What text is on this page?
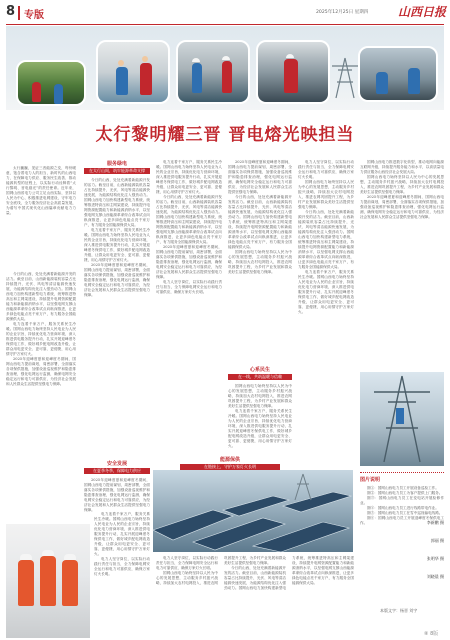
8 专版	2025年12月25日 星期四 山西日报
太行黎明耀三晋 晋电熔光映担当

太行巍巍，见证三晋能源之变，每份暖意，饱含着电力人的担当，新时代的山西电力，在保障电力供应、服务民生改善、推动能源转型的征程上，以实际行动诠释着“太行黎明、晋电熔光”的责任使命。近年来，国网山西省电力公司立足山西实际，坚持以人民为中心，积极推进电网建设，守牢电力安全底线，全力服务经济社会高质量发展，为谱写中国式现代化山西篇章贡献电力力量。

今日的山西，处处充满着新能源开发的活力。截至目前，山西新能源装机容量占比持续提升，光伏、风电等清洁能源快速发展，为能源结构优化注入强劲动力。国网山西电力加快构建新型电力系统，统筹推进特高压和主网架建设，持续提升电网资源配置能力和新能源消纳水平，以坚强电网支撑山西能源革命综合改革试点向纵深推进，让更多绿色电能点亮千家万户，有力服务全国能源保供大局。

电力连着千家万户，服务关系民生冷暖。国网山西电力始终坚持人民电业为人民的企业宗旨，持续优化电力营商环境，深入推进供电服务提升行动，扎实开展迎峰度冬保供电工作，做好城乡配电网改造升级，让群众用电更安全、更可靠、更便捷，用心用情守护万家灯火。

2025年迎峰度夏和迎峰度冬期间，国网山西电力提前谋划，周密部署，全面落实各项保供措施，加强设备巡视维护和隐患排查治理，强化电网运行监测，确保电网安全稳定运行和电力可靠供应，为经济社会发展和人民群众生活提供坚强电力保障。

服务绿电
在太行山间，筑牢能源革命支撑

今日的山西，处处充满着新能源开发的活力。截至目前，山西新能源装机容量占比持续提升，光伏、风电等清洁能源快速发展，为能源结构优化注入强劲动力。国网山西电力加快构建新型电力系统，统筹推进特高压和主网架建设，持续提升电网资源配置能力和新能源消纳水平，以坚强电网支撑山西能源革命综合改革试点向纵深推进，让更多绿色电能点亮千家万户，有力服务全国能源保供大局。

电力连着千家万户，服务关系民生冷暖。国网山西电力始终坚持人民电业为人民的企业宗旨，持续优化电力营商环境，深入推进供电服务提升行动，扎实开展迎峰度冬保供电工作，做好城乡配电网改造升级，让群众用电更安全、更可靠、更便捷，用心用情守护万家灯火。

2025年迎峰度夏和迎峰度冬期间，国网山西电力提前谋划，周密部署，全面落实各项保供措施，加强设备巡视维护和隐患排查治理，强化电网运行监测，确保电网安全稳定运行和电力可靠供应，为经济社会发展和人民群众生活提供坚强电力保障。

安全发展
在夏季冬季，保障电力供应

2025年迎峰度夏和迎峰度冬期间，国网山西电力提前谋划，周密部署，全面落实各项保供措施，加强设备巡视维护和隐患排查治理，强化电网运行监测，确保电网安全稳定运行和电力可靠供应，为经济社会发展和人民群众生活提供坚强电力保障。

电力连着千家万户，服务关系民生冷暖。国网山西电力始终坚持人民电业为人民的企业宗旨，持续优化电力营商环境，深入推进供电服务提升行动，扎实开展迎峰度冬保供电工作，做好城乡配电网改造升级，让群众用电更安全、更可靠、更便捷，用心用情守护万家灯火。

今日的山西，处处充满着新能源开发的活力。截至目前，山西新能源装机容量占比持续提升，光伏、风电等清洁能源快速发展，为能源结构优化注入强劲动力。国网山西电力加快构建新型电力系统，统筹推进特高压和主网架建设，持续提升电网资源配置能力和新能源消纳水平，以坚强电网支撑山西能源革命综合改革试点向纵深推进，让更多绿色电能点亮千家万户，有力服务全国能源保供大局。

2025年迎峰度夏和迎峰度冬期间，国网山西电力提前谋划，周密部署，全面落实各项保供措施，加强设备巡视维护和隐患排查治理，强化电网运行监测，确保电网安全稳定运行和电力可靠供应，为经济社会发展和人民群众生活提供坚强电力保障。

电力人坚守岗位，以实际行动践行责任与担当，全力保障电网安全运行和电力可靠供应，确保万家灯火长明。

2025年迎峰度夏和迎峰度冬期间，国网山西电力提前谋划，周密部署，全面落实各项保供措施，加强设备巡视维护和隐患排查治理，强化电网运行监测，确保电网安全稳定运行和电力可靠供应，为经济社会发展和人民群众生活提供坚强电力保障。

今日的山西，处处充满着新能源开发的活力。截至目前，山西新能源装机容量占比持续提升，光伏、风电等清洁能源快速发展，为能源结构优化注入强劲动力。国网山西电力加快构建新型电力系统，统筹推进特高压和主网架建设，持续提升电网资源配置能力和新能源消纳水平，以坚强电网支撑山西能源革命综合改革试点向纵深推进，让更多绿色电能点亮千家万户，有力服务全国能源保供大局。

国网山西电力始终坚持以人民为中心的发展思想，主动服务乡村振兴战略，持续加大农村电网投入，推进农网巩固提升工程，为乡村产业发展和群众美好生活提供坚强电力保障。

心系民生
在一线，共筑温暖与信赖

国网山西电力始终坚持以人民为中心的发展思想，主动服务乡村振兴战略，持续加大农村电网投入，推进农网巩固提升工程，为乡村产业发展和群众美好生活提供坚强电力保障。

电力连着千家万户，服务关系民生冷暖。国网山西电力始终坚持人民电业为人民的企业宗旨，持续优化电力营商环境，深入推进供电服务提升行动，扎实开展迎峰度冬保供电工作，做好城乡配电网改造升级，让群众用电更安全、更可靠、更便捷，用心用情守护万家灯火。

电力人坚守岗位，以实际行动践行责任与担当，全力保障电网安全运行和电力可靠供应，确保万家灯火长明。

国网山西电力始终坚持以人民为中心的发展思想，主动服务乡村振兴战略，持续加大农村电网投入，推进农网巩固提升工程，为乡村产业发展和群众美好生活提供坚强电力保障。

今日的山西，处处充满着新能源开发的活力。截至目前，山西新能源装机容量占比持续提升，光伏、风电等清洁能源快速发展，为能源结构优化注入强劲动力。国网山西电力加快构建新型电力系统，统筹推进特高压和主网架建设，持续提升电网资源配置能力和新能源消纳水平，以坚强电网支撑山西能源革命综合改革试点向纵深推进，让更多绿色电能点亮千家万户，有力服务全国能源保供大局。

电力连着千家万户，服务关系民生冷暖。国网山西电力始终坚持人民电业为人民的企业宗旨，持续优化电力营商环境，深入推进供电服务提升行动，扎实开展迎峰度冬保供电工作，做好城乡配电网改造升级，让群众用电更安全、更可靠、更便捷，用心用情守护万家灯火。

国网山西电力推进数字化转型，推动电网向能源互联网升级，持续提升服务能力和水平，以高质量电力供应服务山西经济社会发展大局。

国网山西电力始终坚持以人民为中心的发展思想，主动服务乡村振兴战略，持续加大农村电网投入，推进农网巩固提升工程，为乡村产业发展和群众美好生活提供坚强电力保障。

2025年迎峰度夏和迎峰度冬期间，国网山西电力提前谋划，周密部署，全面落实各项保供措施，加强设备巡视维护和隐患排查治理，强化电网运行监测，确保电网安全稳定运行和电力可靠供应，为经济社会发展和人民群众生活提供坚强电力保障。

能源保供
在链接上，守护万家灯火长明
图片说明

图①：国网山西电力员工开展设备巡检工作。

图②：国网山西电力员工为客户提供上门服务。

图③：国网山西电力员工在变电站开展检修作业。

图④：国网山西电力员工进行线路带电作业。

图⑤：国网山西电力员工在雪中巡视输电线路。

图⑥：国网山西电力员工开展迎峰度冬保供电工作。	李新鹏 摄
郭丽 摄
张明华 摄
刘晓晨 摄
本版文字：杨晋 刘宇

电力人坚守岗位，以实际行动践行责任与担当，全力保障电网安全运行和电力可靠供应，确保万家灯火长明。

国网山西电力始终坚持以人民为中心的发展思想，主动服务乡村振兴战略，持续加大农村电网投入，推进农网巩固提升工程，为乡村产业发展和群众美好生活提供坚强电力保障。

今日的山西，处处充满着新能源开发的活力。截至目前，山西新能源装机容量占比持续提升，光伏、风电等清洁能源快速发展，为能源结构优化注入强劲动力。国网山西电力加快构建新型电力系统，统筹推进特高压和主网架建设，持续提升电网资源配置能力和新能源消纳水平，以坚强电网支撑山西能源革命综合改革试点向纵深推进，让更多绿色电能点亮千家万户，有力服务全国能源保供大局。

电力连着千家万户，服务关系民生冷暖。国网山西电力始终坚持人民电业为人民的企业宗旨，持续优化电力营商环境，深入推进供电服务提升行动，扎实开展迎峰度冬保供电工作，做好城乡配电网改造升级，让群众用电更安全、更可靠、更便捷，用心用情守护万家灯火。

电力人坚守岗位，以实际行动践行责任与担当，全力保障电网安全运行和电力可靠供应，确保万家灯火长明。

⑧ 8版
